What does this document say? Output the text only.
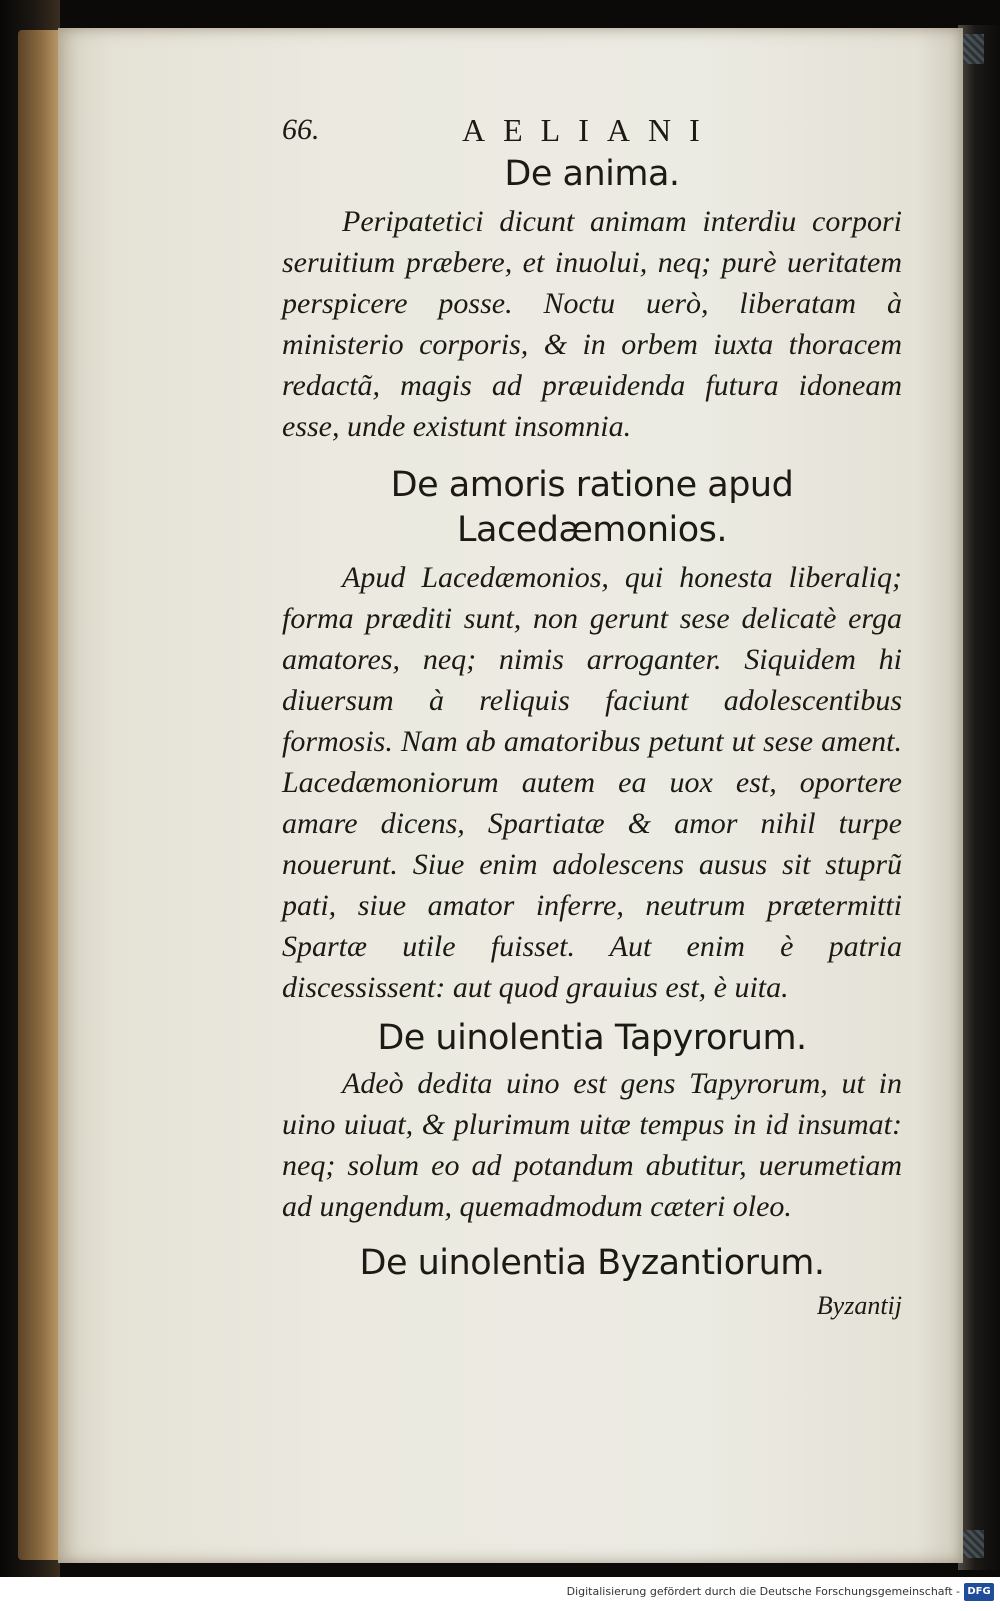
66.	AELIANI
De anima.

Peripatetici dicunt animam interdiu corpori seruitium præbere, et inuolui, neq; purè ueritatem perspicere posse. Noctu uerò, liberatam à ministerio corporis, & in orbem iuxta thoracem redactã, magis ad præuidenda futura idoneam esse, unde existunt insomnia.

De amoris ratione apud Lacedæmonios.

Apud Lacedæmonios, qui honesta liberaliq; forma præditi sunt, non gerunt sese delicatè erga amatores, neq; nimis arroganter. Siquidem hi diuersum à reliquis faciunt adolescentibus formosis. Nam ab amatoribus petunt ut sese ament. Lacedæmoniorum autem ea uox est, oportere amare dicens, Spartiatæ & amor nihil turpe nouerunt. Siue enim adolescens ausus sit stuprũ pati, siue amator inferre, neutrum prætermitti Spartæ utile fuisset. Aut enim è patria discessissent: aut quod grauius est, è uita.

De uinolentia Tapyrorum.

Adeò dedita uino est gens Tapyrorum, ut in uino uiuat, & plurimum uitæ tempus in id insumat: neq; solum eo ad potandum abutitur, uerumetiam ad ungendum, quemadmodum cæteri oleo.

De uinolentia Byzantiorum.
Byzantij
Digitalisierung gefördert durch die Deutsche Forschungsgemeinschaft - DFG
